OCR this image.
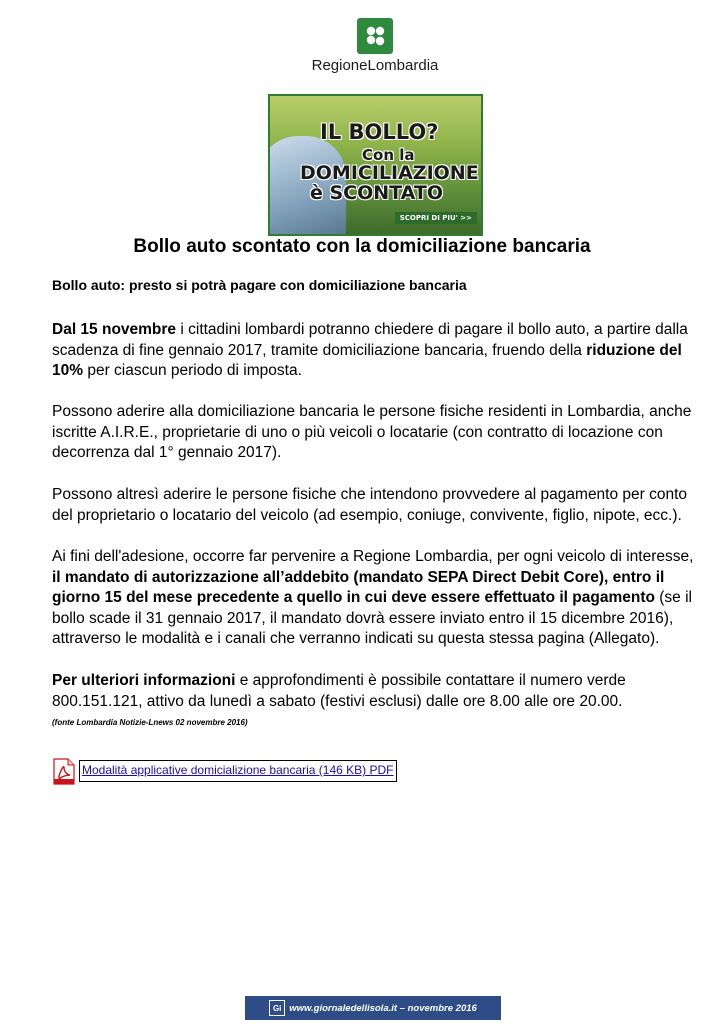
RegioneLombardia
IL BOLLO?
Con la
DOMICILIAZIONE
è SCONTATO
SCOPRI DI PIU' >>
Bollo auto scontato con la domiciliazione bancaria
Bollo auto: presto si potrà pagare con domiciliazione bancaria

Dal 15 novembre i cittadini lombardi potranno chiedere di pagare il bollo auto, a partire dalla scadenza di fine gennaio 2017, tramite domiciliazione bancaria, fruendo della riduzione del 10% per ciascun periodo di imposta.

Possono aderire alla domiciliazione bancaria le persone fisiche residenti in Lombardia, anche iscritte A.I.R.E., proprietarie di uno o più veicoli o locatarie (con contratto di locazione con decorrenza dal 1° gennaio 2017).

Possono altresì aderire le persone fisiche che intendono provvedere al pagamento per conto del proprietario o locatario del veicolo (ad esempio, coniuge, convivente, figlio, nipote, ecc.).

Ai fini dell'adesione, occorre far pervenire a Regione Lombardia, per ogni veicolo di interesse, il mandato di autorizzazione all’addebito (mandato SEPA Direct Debit Core), entro il giorno 15 del mese precedente a quello in cui deve essere effettuato il pagamento (se il bollo scade il 31 gennaio 2017, il mandato dovrà essere inviato entro il 15 dicembre 2016), attraverso le modalità e i canali che verranno indicati su questa stessa pagina (Allegato).

Per ulteriori informazioni e approfondimenti è possibile contattare il numero verde 800.151.121, attivo da lunedì a sabato (festivi esclusi) dalle ore 8.00 alle ore 20.00.

(fonte Lombardia Notizie-Lnews 02 novembre 2016)
Modalità applicative domicializione bancaria (146 KB) PDF
Gi www.giornaledellisola.it – novembre 2016
